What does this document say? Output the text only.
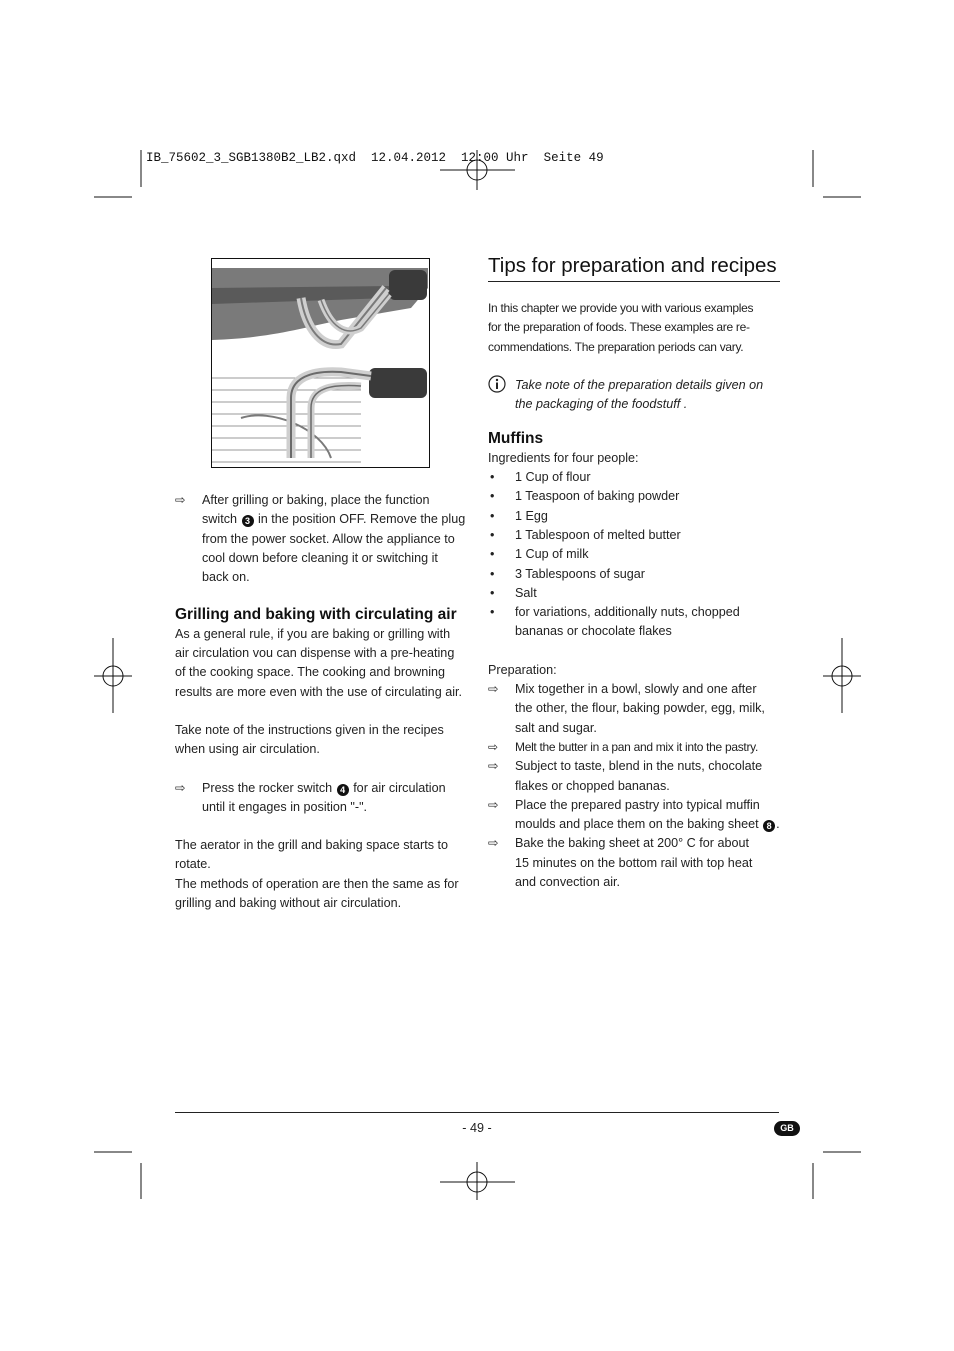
IB_75602_3_SGB1380B2_LB2.qxd  12.04.2012  12:00 Uhr  Seite 49
⇨	After grilling or baking, place the function
switch 3 in the position OFF. Remove the plug
from the power socket. Allow the appliance to
cool down before cleaning it or switching it
back on.
Grilling and baking with circulating air
As a general rule, if you are baking or grilling with
air circulation vou can dispense with a pre-heating
of the cooking space. The cooking and browning
results are more even with the use of circulating air.
Take note of the instructions given in the recipes
when using air circulation.
⇨	Press the rocker switch 4 for air circulation
until it engages in position "-".
The aerator in the grill and baking space starts to
rotate.
The methods of operation are then the same as for
grilling and baking without air circulation.
Tips for preparation and recipes
In this chapter we provide you with various examples
for the preparation of foods. These examples are re-
commendations. The preparation periods can vary.
Take note of the preparation details given on
the packaging of the foodstuff .
Muffins
Ingredients for four people:
•	1 Cup of flour
•	1 Teaspoon of baking powder
•	1 Egg
•	1 Tablespoon of melted butter
•	1 Cup of milk
•	3 Tablespoons of sugar
•	Salt
•	for variations, additionally nuts, chopped
bananas or chocolate flakes
Preparation:
⇨	Mix together in a bowl, slowly and one after
the other, the flour, baking powder, egg, milk,
salt and sugar.
⇨	Melt the butter in a pan and mix it into the pastry.
⇨	Subject to taste, blend in the nuts, chocolate
flakes or chopped bananas.
⇨	Place the prepared pastry into typical muffin
moulds and place them on the baking sheet 8 .
⇨	Bake the baking sheet at 200° C for about
15 minutes on the bottom rail with top heat
and convection air.
- 49 -	GB
